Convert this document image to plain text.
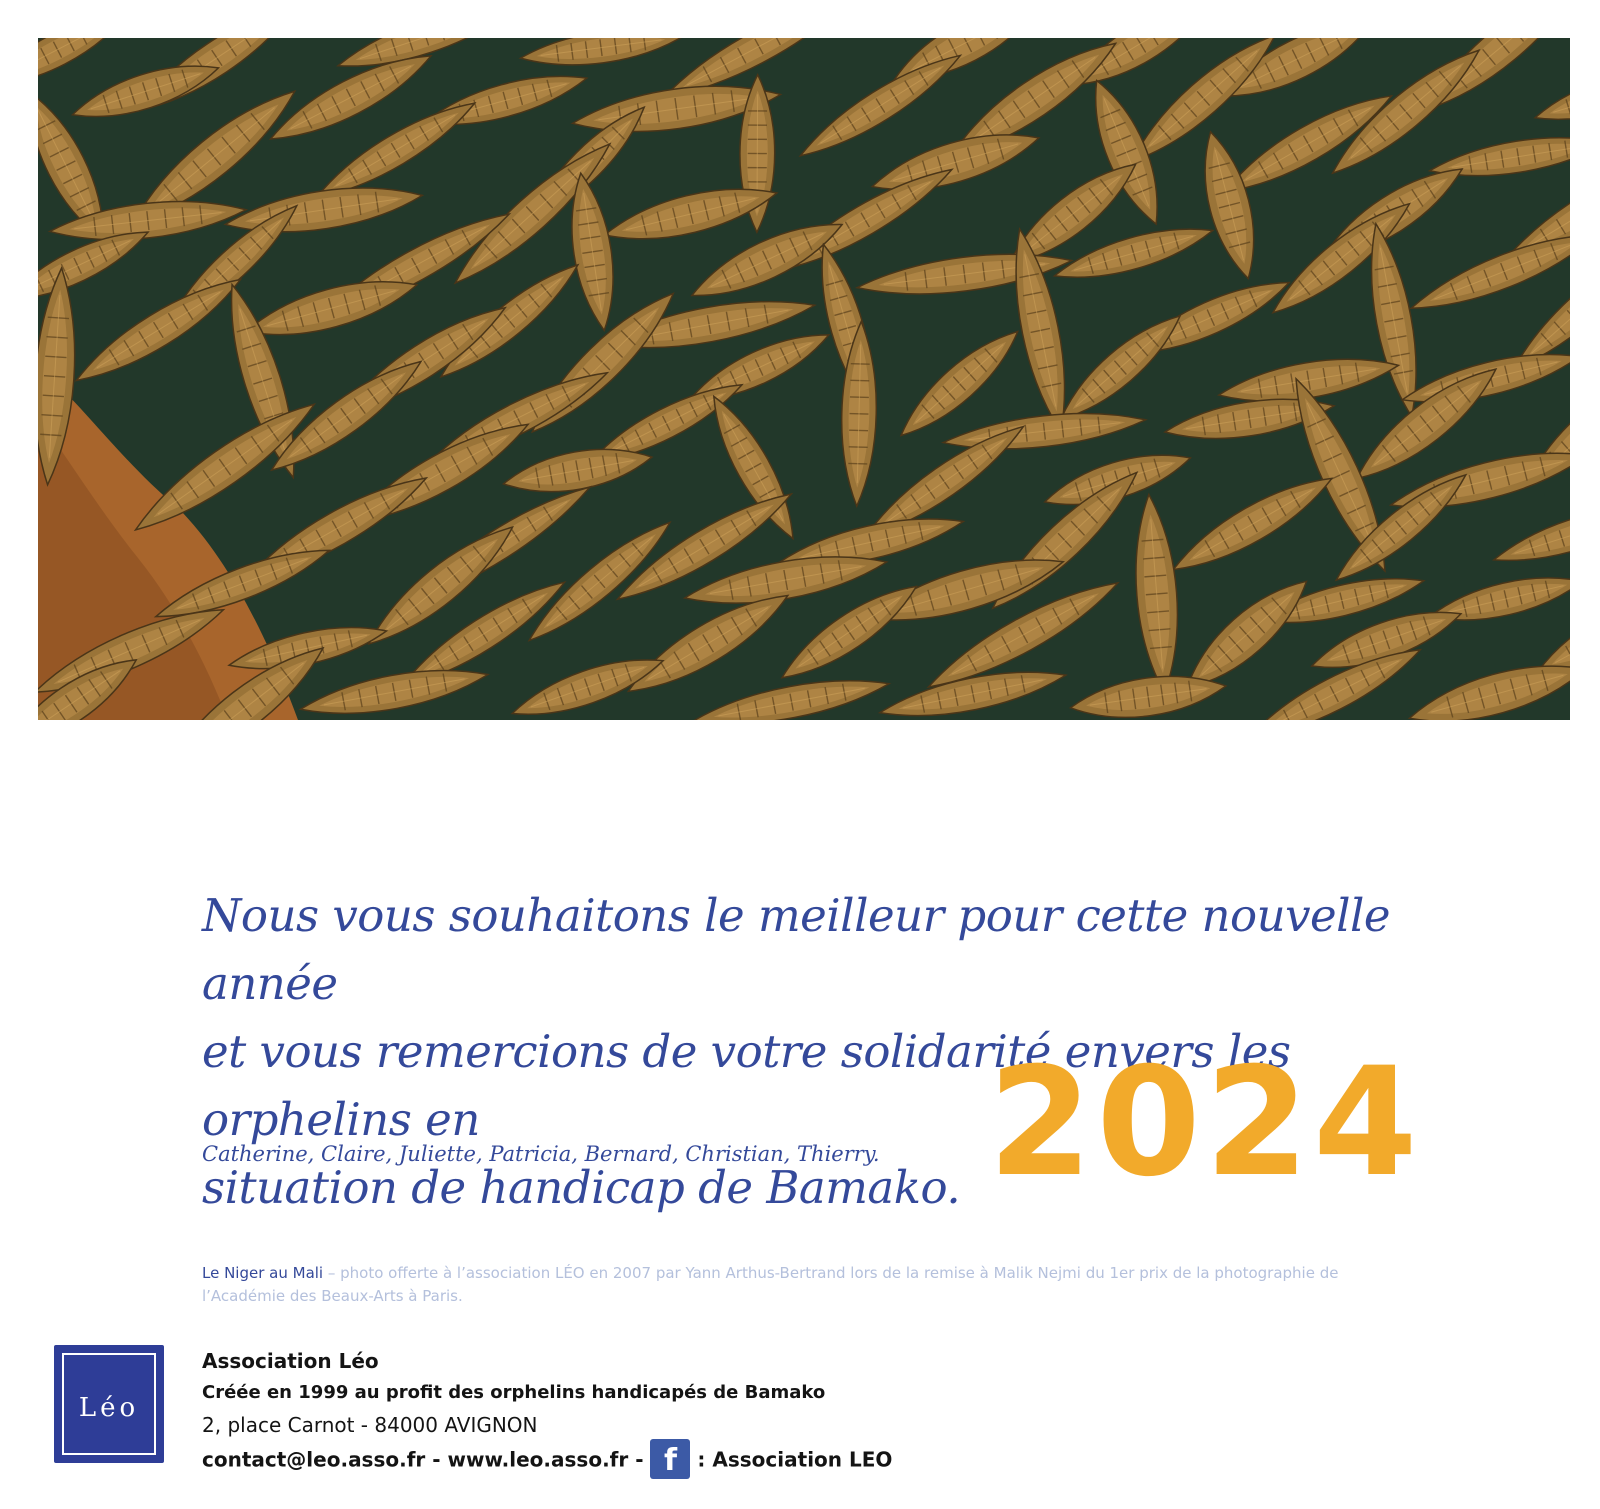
Nous vous souhaitons le meilleur pour cette nouvelle année
et vous remercions de votre solidarité envers les orphelins en
situation de handicap de Bamako.

Catherine, Claire, Juliette, Patricia, Bernard, Christian, Thierry. 2024

Le Niger au Mali – photo offerte à l’association LÉO en 2007 par Yann Arthus-Bertrand lors de la remise à Malik Nejmi du 1er prix de la photographie de l’Académie des Beaux-Arts à Paris.

Léo
Association Léo
Créée en 1999 au profit des orphelins handicapés de Bamako
2, place Carnot - 84000 AVIGNON
contact@leo.asso.fr - www.leo.asso.fr - f : Association LEO
